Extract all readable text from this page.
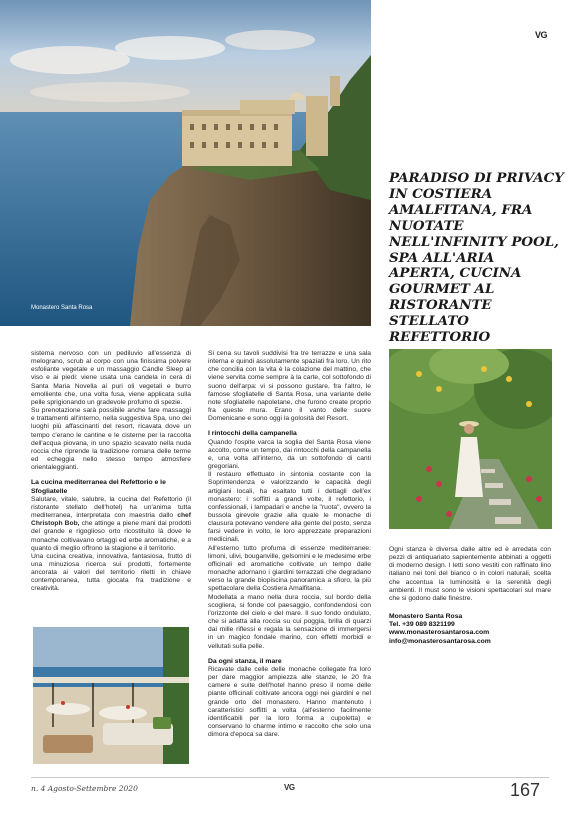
Monastero Santa Rosa
VG
PARADISO DI PRIVACY IN COSTIERA AMALFITANA, FRA NUOTATE NELL'INFINITY POOL, SPA ALL'ARIA APERTA, CUCINA GOURMET AL RISTORANTE STELLATO REFETTORIO

sistema nervoso con un pediluvio all'essenza di melograno, scrub al corpo con una finissima polvere esfoliante vegetale e un massaggio Candle Sleep al viso e ai piedi: viene usata una candela in cera di Santa Maria Novella ai puri oli vegetali e burro emolliente che, una volta fusa, viene applicata sulla pelle sprigionando un gradevole profumo di spezie.

Su prenotazione sarà possibile anche fare massaggi e trattamenti all'interno, nella suggestiva Spa, uno dei luoghi più affascinanti del resort, ricavata dove un tempo c'erano le cantine e le cisterne per la raccolta dell'acqua piovana, in uno spazio scavato nella nuda roccia che riprende la tradizione romana delle terme ed echeggia nello stesso tempo atmosfere orientaleggianti.

La cucina mediterranea del Refettorio e le Sfogliatelle

Salutare, vitale, salubre, la cucina del Refettorio (il ristorante stellato dell'hotel) ha un'anima tutta mediterranea, interpretata con maestria dallo chef Christoph Bob, che attinge a piene mani dai prodotti del grande e rigoglioso orto ricostituito là dove le monache coltivavano ortaggi ed erbe aromatiche, e a quanto di meglio offrono la stagione e il territorio.

Una cucina creativa, innovativa, fantasiosa, frutto di una minuziosa ricerca sui prodotti, fortemente ancorata ai valori del territorio riletti in chiave contemporanea, tutta giocata fra tradizione e creatività.

Si cena su tavoli suddivisi fra tre terrazze e una sala interna e quindi assolutamente spaziati fra loro. Un rito che concilia con la vita è la colazione del mattino, che viene servita come sempre à la carte, col sottofondo di suono dell'arpa: vi si possono gustare, fra l'altro, le famose sfogliatelle di Santa Rosa, una variante delle note sfogliatelle napoletane, che furono create proprio fra queste mura. Erano il vanto delle suore Domenicane e sono oggi la golosità del Resort.

I rintocchi della campanella

Quando l'ospite varca la soglia del Santa Rosa viene accolto, come un tempo, dai rintocchi della campanella e, una volta all'interno, da un sottofondo di canti gregoriani.

Il restauro effettuato in sintonia costante con la Soprintendenza e valorizzando le capacità degli artigiani locali, ha esaltato tutti i dettagli dell'ex monastero: i soffitti a grandi volte, il refettorio, i confessionali, i lampadari e anche la "ruota", ovvero la bussola girevole grazie alla quale le monache di clausura potevano vendere alla gente del posto, senza farsi vedere in volto, le loro apprezzate preparazioni medicinali.

All'esterno tutto profuma di essenze mediterranee: limoni, ulivi, bouganville, gelsomini e le medesime erbe officinali ed aromatiche coltivate un tempo dalle monache adornano i giardini terrazzati che degradano verso la grande biopiscina panoramica a sfioro, la più spettacolare della Costiera Amalfitana.

Modellata a mano nella dura roccia, sul bordo della scogliera, si fonde col paesaggio, confondendosi con l'orizzonte del cielo e del mare. Il suo fondo ondulato, che si adatta alla roccia su cui poggia, brilla di quarzi dai mille riflessi e regala la sensazione di immergersi in un magico fondale marino, con effetti morbidi e vellutati sulla pelle.

Da ogni stanza, il mare

Ricavate dalle celle delle monache collegate fra loro per dare maggior ampiezza alle stanze, le 20 fra camere e suite dell'hotel hanno preso il nome delle piante officinali coltivate ancora oggi nei giardini e nel grande orto del monastero. Hanno mantenuto i caratteristici soffitti a volta (all'esterno facilmente identificabili per la loro forma a cupoletta) e conservano lo charme intimo e raccolto che solo una dimora d'epoca sa dare.

Ogni stanza è diversa dalle altre ed è arredata con pezzi di antiquariato sapientemente abbinati a oggetti di moderno design. I letti sono vestiti con raffinato lino italiano nei toni del bianco o in colori naturali, scelta che accentua la luminosità e la serenità degli ambienti. Il must sono le visioni spettacolari sul mare che si godono dalle finestre.

Monastero Santa Rosa
Tel. +39 089 8321199
www.monasterosantarosa.com
info@monasterosantarosa.com
n. 4 Agosto-Settembre 2020	VG	167
